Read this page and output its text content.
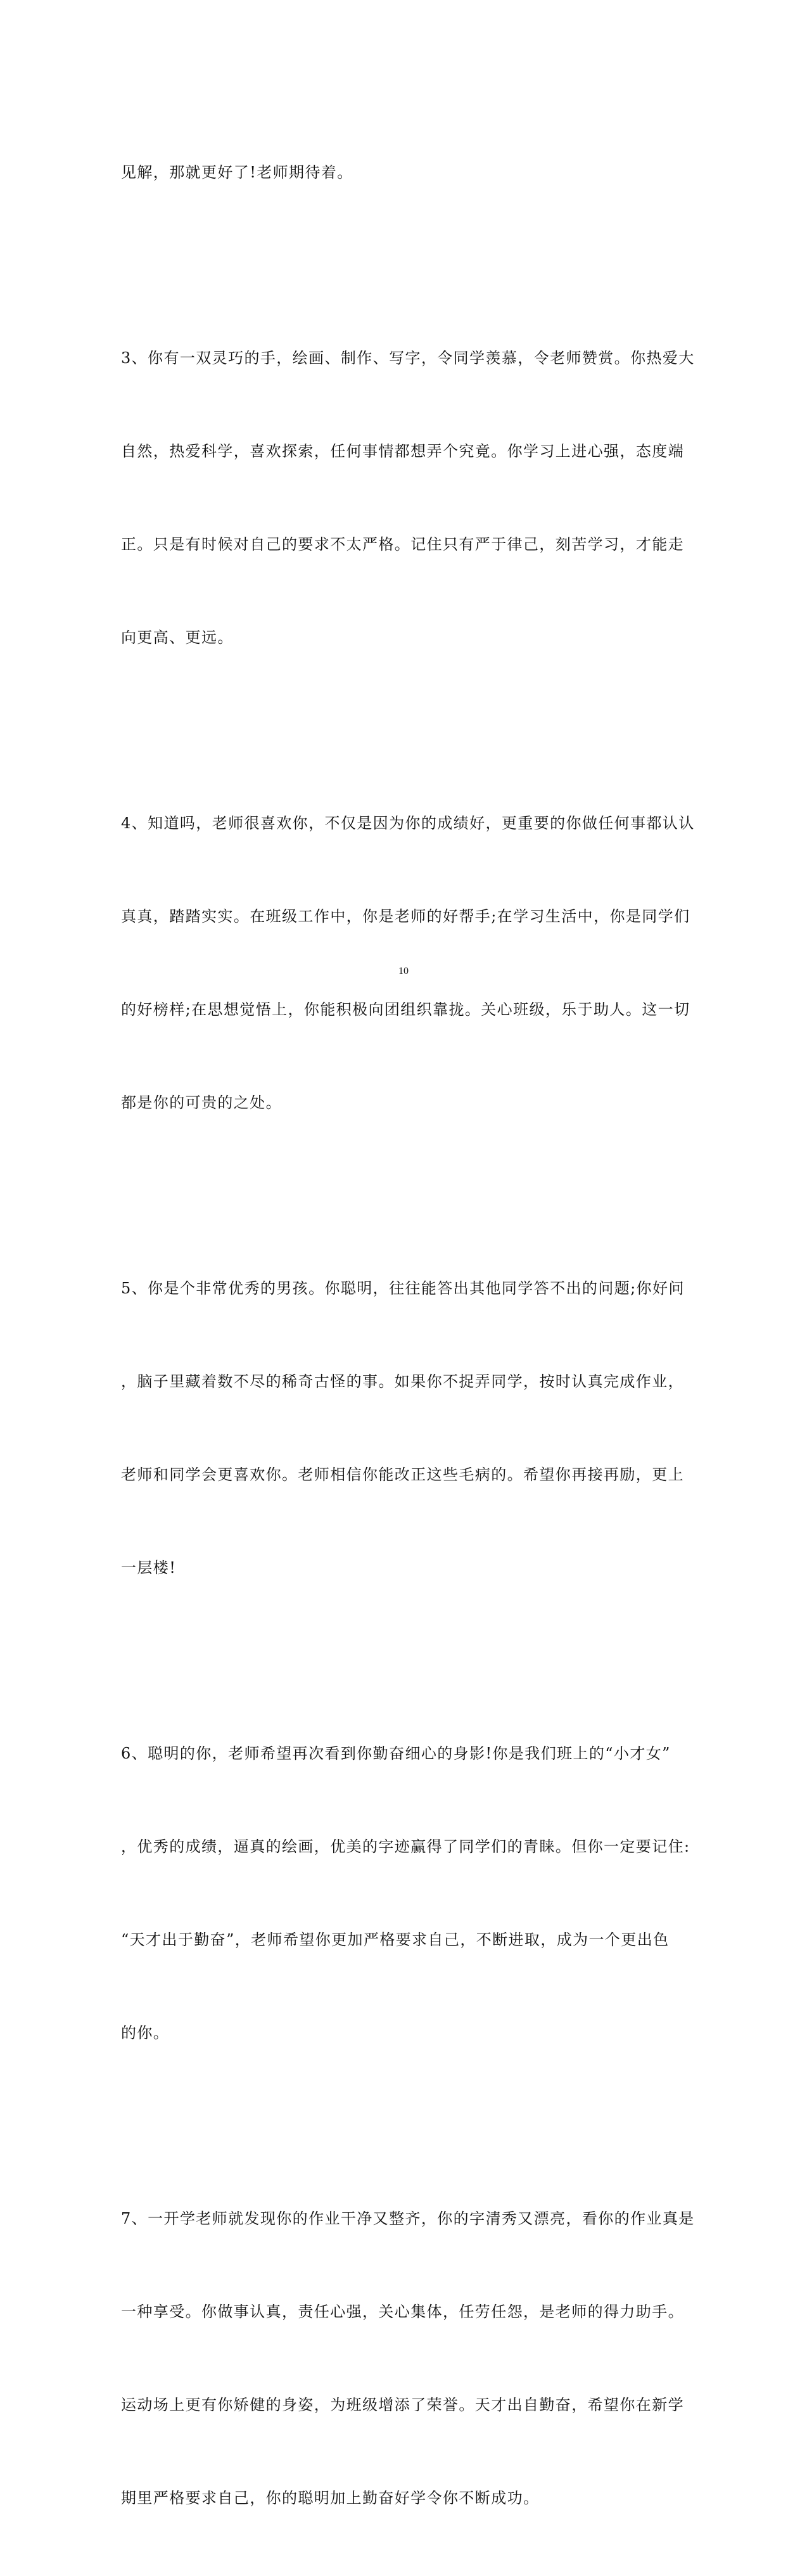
见解，那就更好了!老师期待着。

3、你有一双灵巧的手，绘画、制作、写字，令同学羡慕，令老师赞赏。你热爱大

自然，热爱科学，喜欢探索，任何事情都想弄个究竟。你学习上进心强，态度端

正。只是有时候对自己的要求不太严格。记住只有严于律己，刻苦学习，才能走

向更高、更远。

4、知道吗，老师很喜欢你，不仅是因为你的成绩好，更重要的你做任何事都认认

真真，踏踏实实。在班级工作中，你是老师的好帮手;在学习生活中，你是同学们

的好榜样;在思想觉悟上，你能积极向团组织靠拢。关心班级，乐于助人。这一切

都是你的可贵的之处。

5、你是个非常优秀的男孩。你聪明，往往能答出其他同学答不出的问题;你好问

，脑子里藏着数不尽的稀奇古怪的事。如果你不捉弄同学，按时认真完成作业，

老师和同学会更喜欢你。老师相信你能改正这些毛病的。希望你再接再励，更上

一层楼!

6、聪明的你，老师希望再次看到你勤奋细心的身影!你是我们班上的“小才女”

，优秀的成绩，逼真的绘画，优美的字迹赢得了同学们的青睐。但你一定要记住:

“天才出于勤奋”，老师希望你更加严格要求自己，不断进取，成为一个更出色

的你。

7、一开学老师就发现你的作业干净又整齐，你的字清秀又漂亮，看你的作业真是

一种享受。你做事认真，责任心强，关心集体，任劳任怨，是老师的得力助手。

运动场上更有你矫健的身姿，为班级增添了荣誉。天才出自勤奋，希望你在新学

期里严格要求自己，你的聪明加上勤奋好学令你不断成功。

10
